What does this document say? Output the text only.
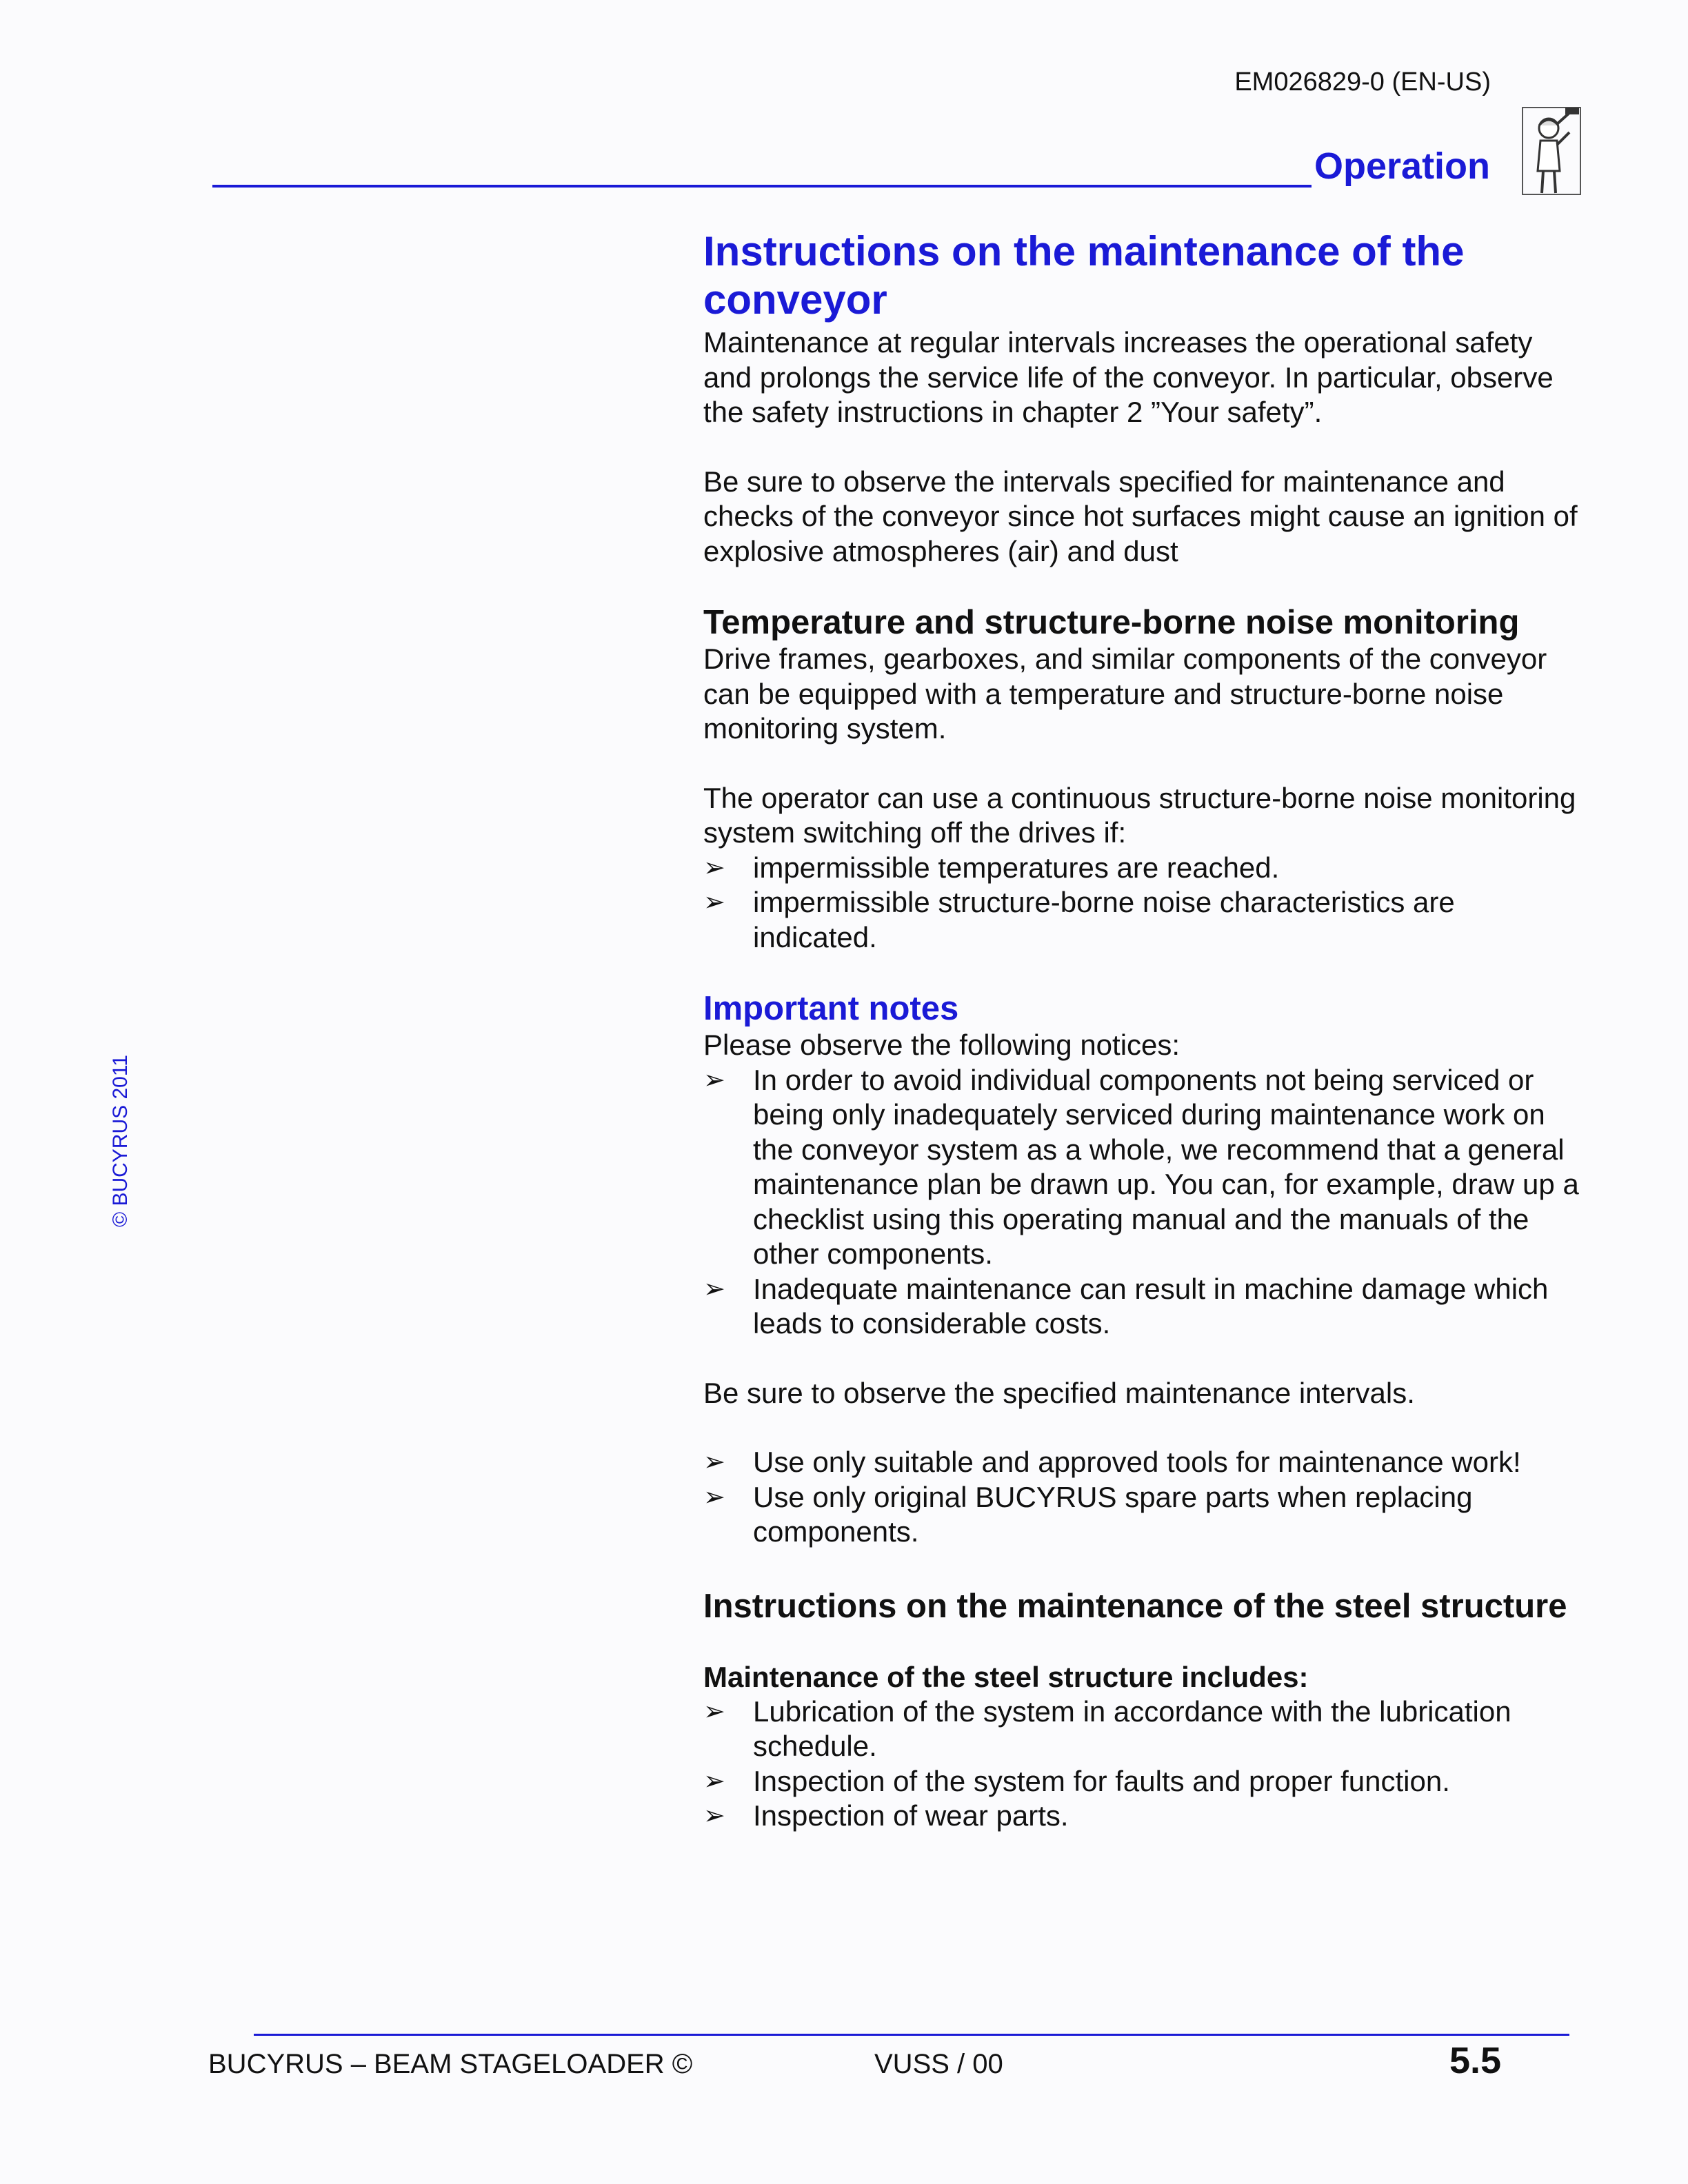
EM026829-0 (EN-US)
Operation
© BUCYRUS 2011
Instructions on the maintenance of the conveyor

Maintenance at regular intervals increases the operational safety and prolongs the service life of the conveyor. In particular, observe the safety instructions in chapter 2 ”Your safety”.

Be sure to observe the intervals specified for maintenance and checks of the conveyor since hot surfaces might cause an ignition of explosive atmospheres (air) and dust

Temperature and structure-borne noise monitoring

Drive frames, gearboxes, and similar components of the conveyor can be equipped with a temperature and structure-borne noise monitoring system.

The operator can use a continuous structure-borne noise monitoring system switching off the drives if:

➢ impermissible temperatures are reached.
➢ impermissible structure-borne noise characteristics are indicated.
Important notes

Please observe the following notices:

➢ In order to avoid individual components not being serviced or being only inadequately serviced during maintenance work on the conveyor system as a whole, we recommend that a general maintenance plan be drawn up. You can, for example, draw up a checklist using this operating manual and the manuals of the other components.
➢ Inadequate maintenance can result in machine damage which leads to considerable costs.

Be sure to observe the specified maintenance intervals.

➢ Use only suitable and approved tools for maintenance work!
➢ Use only original BUCYRUS spare parts when replacing components.
Instructions on the maintenance of the steel structure
Maintenance of the steel structure includes:
➢ Lubrication of the system in accordance with the lubrication schedule.
➢ Inspection of the system for faults and proper function.
➢ Inspection of wear parts.
BUCYRUS – BEAM STAGELOADER ©	VUSS / 00	5.5
